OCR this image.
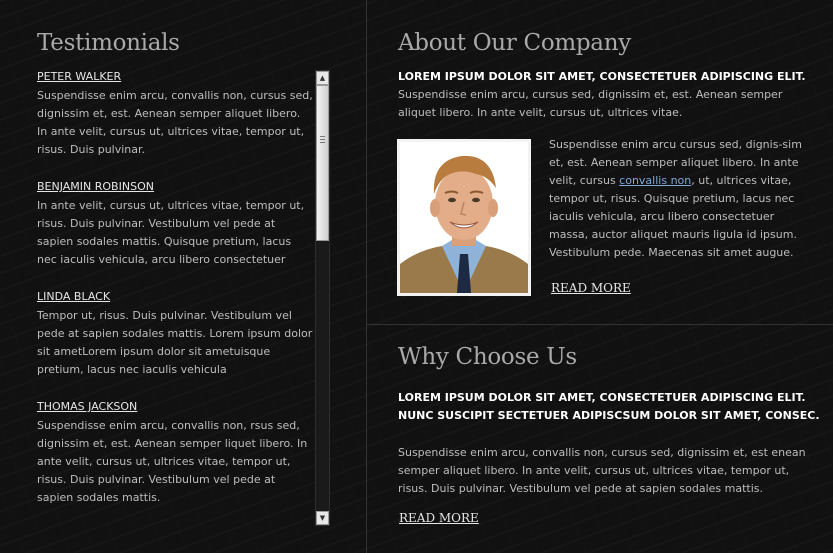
Testimonials
PETER WALKER
Suspendisse enim arcu, convallis non, cursus sed, dignissim et, est. Aenean semper aliquet libero. In ante velit, cursus ut, ultrices vitae, tempor ut, risus. Duis pulvinar.
BENJAMIN ROBINSON
In ante velit, cursus ut, ultrices vitae, tempor ut, risus. Duis pulvinar. Vestibulum vel pede at sapien sodales mattis. Quisque pretium, lacus nec iaculis vehicula, arcu libero consectetuer
LINDA BLACK
Tempor ut, risus. Duis pulvinar. Vestibulum vel pede at sapien sodales mattis. Lorem ipsum dolor sit ametLorem ipsum dolor sit ametuisque pretium, lacus nec iaculis vehicula
THOMAS JACKSON
Suspendisse enim arcu, convallis non, rsus sed, dignissim et, est. Aenean semper liquet libero. In ante velit, cursus ut, ultrices vitae, tempor ut, risus. Duis pulvinar. Vestibulum vel pede at sapien sodales mattis.
▲
▼
About Our Company
LOREM IPSUM DOLOR SIT AMET, CONSECTETUER ADIPISCING ELIT.
Suspendisse enim arcu, cursus sed, dignissim et, est. Aenean semper aliquet libero. In ante velit, cursus ut, ultrices vitae.
Suspendisse enim arcu cursus sed, dignis-sim et, est. Aenean semper aliquet libero. In ante velit, cursus convallis non, ut, ultrices vitae, tempor ut, risus. Quisque pretium, lacus nec iaculis vehicula, arcu libero consectetuer massa, auctor aliquet mauris ligula id ipsum. Vestibulum pede. Maecenas sit amet augue.
READ MORE
Why Choose Us
LOREM IPSUM DOLOR SIT AMET, CONSECTETUER ADIPISCING ELIT. NUNC SUSCIPIT SECTETUER ADIPISCSUM DOLOR SIT AMET, CONSEC.
Suspendisse enim arcu, convallis non, cursus sed, dignissim et, est enean semper aliquet libero. In ante velit, cursus ut, ultrices vitae, tempor ut, risus. Duis pulvinar. Vestibulum vel pede at sapien sodales mattis.
READ MORE
